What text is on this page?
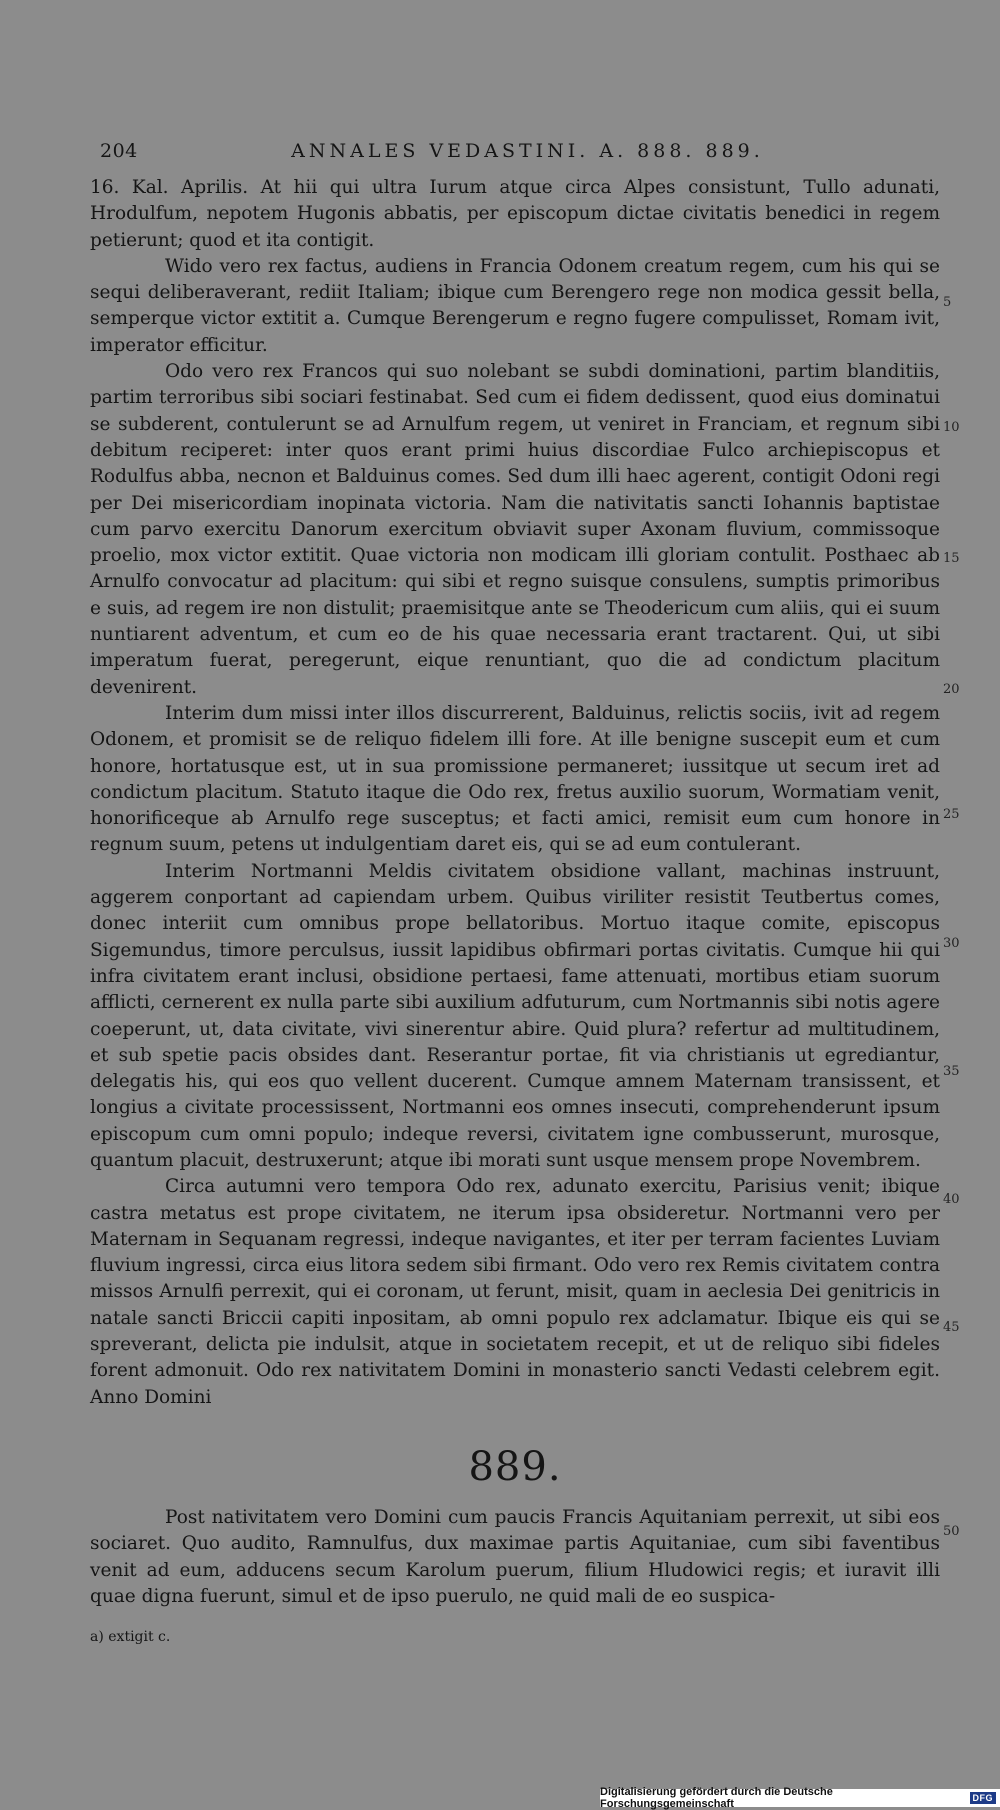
204	ANNALES VEDASTINI. A. 888. 889.

16. Kal. Aprilis. At hii qui ultra Iurum atque circa Alpes consistunt, Tullo adunati, Hrodulfum, nepotem Hugonis abbatis, per episcopum dictae civitatis benedici in regem petierunt; quod et ita contigit.

Wido vero rex factus, audiens in Francia Odonem creatum regem, cum his qui se sequi deliberaverant, rediit Italiam; ibique cum Berengero rege non modica gessit bella, semperque victor extitit a. Cumque Berengerum e regno fugere compulisset, Romam ivit, imperator efficitur.

Odo vero rex Francos qui suo nolebant se subdi dominationi, partim blanditiis, partim terroribus sibi sociari festinabat. Sed cum ei fidem dedissent, quod eius dominatui se subderent, contulerunt se ad Arnulfum regem, ut veniret in Franciam, et regnum sibi debitum reciperet: inter quos erant primi huius discordiae Fulco archiepiscopus et Rodulfus abba, necnon et Balduinus comes. Sed dum illi haec agerent, contigit Odoni regi per Dei misericordiam inopinata victoria. Nam die nativitatis sancti Iohannis baptistae cum parvo exercitu Danorum exercitum obviavit super Axonam fluvium, commissoque proelio, mox victor extitit. Quae victoria non modicam illi gloriam contulit. Posthaec ab Arnulfo convocatur ad placitum: qui sibi et regno suisque consulens, sumptis primoribus e suis, ad regem ire non distulit; praemisitque ante se Theodericum cum aliis, qui ei suum nuntiarent adventum, et cum eo de his quae necessaria erant tractarent. Qui, ut sibi imperatum fuerat, peregerunt, eique renuntiant, quo die ad condictum placitum devenirent.

Interim dum missi inter illos discurrerent, Balduinus, relictis sociis, ivit ad regem Odonem, et promisit se de reliquo fidelem illi fore. At ille benigne suscepit eum et cum honore, hortatusque est, ut in sua promissione permaneret; iussitque ut secum iret ad condictum placitum. Statuto itaque die Odo rex, fretus auxilio suorum, Wormatiam venit, honorificeque ab Arnulfo rege susceptus; et facti amici, remisit eum cum honore in regnum suum, petens ut indulgentiam daret eis, qui se ad eum contulerant.

Interim Nortmanni Meldis civitatem obsidione vallant, machinas instruunt, aggerem conportant ad capiendam urbem. Quibus viriliter resistit Teutbertus comes, donec interiit cum omnibus prope bellatoribus. Mortuo itaque comite, episcopus Sigemundus, timore perculsus, iussit lapidibus obfirmari portas civitatis. Cumque hii qui infra civitatem erant inclusi, obsidione pertaesi, fame attenuati, mortibus etiam suorum afflicti, cernerent ex nulla parte sibi auxilium adfuturum, cum Nortmannis sibi notis agere coeperunt, ut, data civitate, vivi sinerentur abire. Quid plura? refertur ad multitudinem, et sub spetie pacis obsides dant. Reserantur portae, fit via christianis ut egrediantur, delegatis his, qui eos quo vellent ducerent. Cumque amnem Maternam transissent, et longius a civitate processissent, Nortmanni eos omnes insecuti, comprehenderunt ipsum episcopum cum omni populo; indeque reversi, civitatem igne combusserunt, murosque, quantum placuit, destruxerunt; atque ibi morati sunt usque mensem prope Novembrem.

Circa autumni vero tempora Odo rex, adunato exercitu, Parisius venit; ibique castra metatus est prope civitatem, ne iterum ipsa obsideretur. Nortmanni vero per Maternam in Sequanam regressi, indeque navigantes, et iter per terram facientes Luviam fluvium ingressi, circa eius litora sedem sibi firmant. Odo vero rex Remis civitatem contra missos Arnulfi perrexit, qui ei coronam, ut ferunt, misit, quam in aeclesia Dei genitricis in natale sancti Briccii capiti inpositam, ab omni populo rex adclamatur. Ibique eis qui se spreverant, delicta pie indulsit, atque in societatem recepit, et ut de reliquo sibi fideles forent admonuit. Odo rex nativitatem Domini in monasterio sancti Vedasti celebrem egit. Anno Domini

889.

Post nativitatem vero Domini cum paucis Francis Aquitaniam perrexit, ut sibi eos sociaret. Quo audito, Ramnulfus, dux maximae partis Aquitaniae, cum sibi faventibus venit ad eum, adducens secum Karolum puerum, filium Hludowici regis; et iuravit illi quae digna fuerunt, simul et de ipso puerulo, ne quid mali de eo suspica-

5
10
15
20
25
30
35
40
45
50
a) extigit c.
Digitalisierung gefördert durch die Deutsche Forschungsgemeinschaft	DFG
